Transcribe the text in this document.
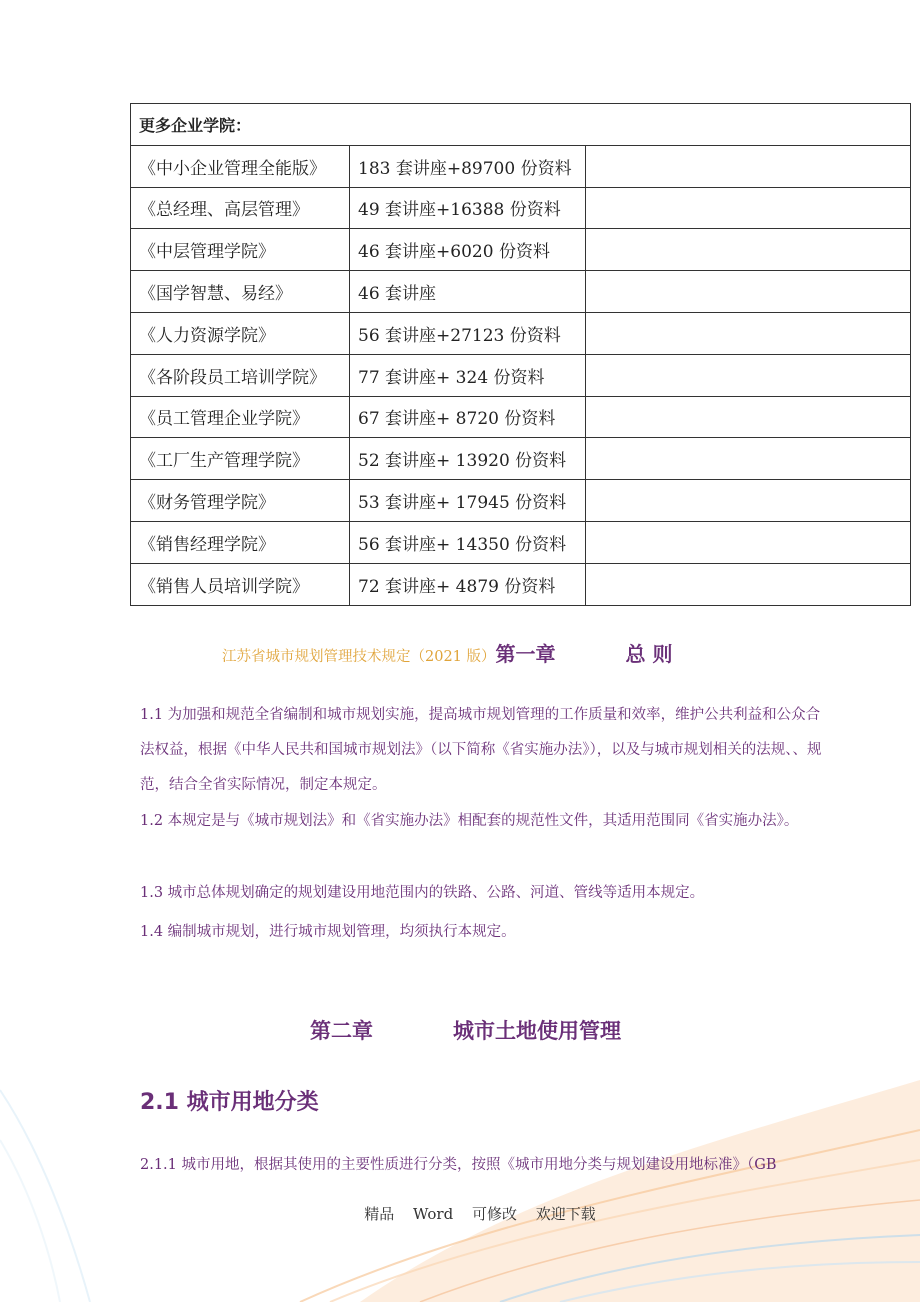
更多企业学院：		
《中小企业管理全能版》	183 套讲座+89700 份资料	
《总经理、高层管理》	49 套讲座+16388 份资料	
《中层管理学院》	46 套讲座+6020 份资料	
《国学智慧、易经》	46 套讲座	
《人力资源学院》	56 套讲座+27123 份资料	
《各阶段员工培训学院》	77 套讲座+ 324 份资料	
《员工管理企业学院》	67 套讲座+ 8720 份资料	
《工厂生产管理学院》	52 套讲座+ 13920 份资料	
《财务管理学院》	53 套讲座+ 17945 份资料	
《销售经理学院》	56 套讲座+ 14350 份资料	
《销售人员培训学院》	72 套讲座+ 4879 份资料	
江苏省城市规划管理技术规定（2021 版）第一章	总 则

1.1 为加强和规范全省编制和城市规划实施，提高城市规划管理的工作质量和效率，维护公共利益和公众合法权益，根据《中华人民共和国城市规划法》（以下简称《省实施办法》），以及与城市规划相关的法规、、规范，结合全省实际情况，制定本规定。

1.2 本规定是与《城市规划法》和《省实施办法》相配套的规范性文件，其适用范围同《省实施办法》。

1.3 城市总体规划确定的规划建设用地范围内的铁路、公路、河道、管线等适用本规定。

1.4 编制城市规划，进行城市规划管理，均须执行本规定。

第二章	城市土地使用管理
2.1 城市用地分类

2.1.1 城市用地，根据其使用的主要性质进行分类，按照《城市用地分类与规划建设用地标准》（GB

精品 Word 可修改 欢迎下载
